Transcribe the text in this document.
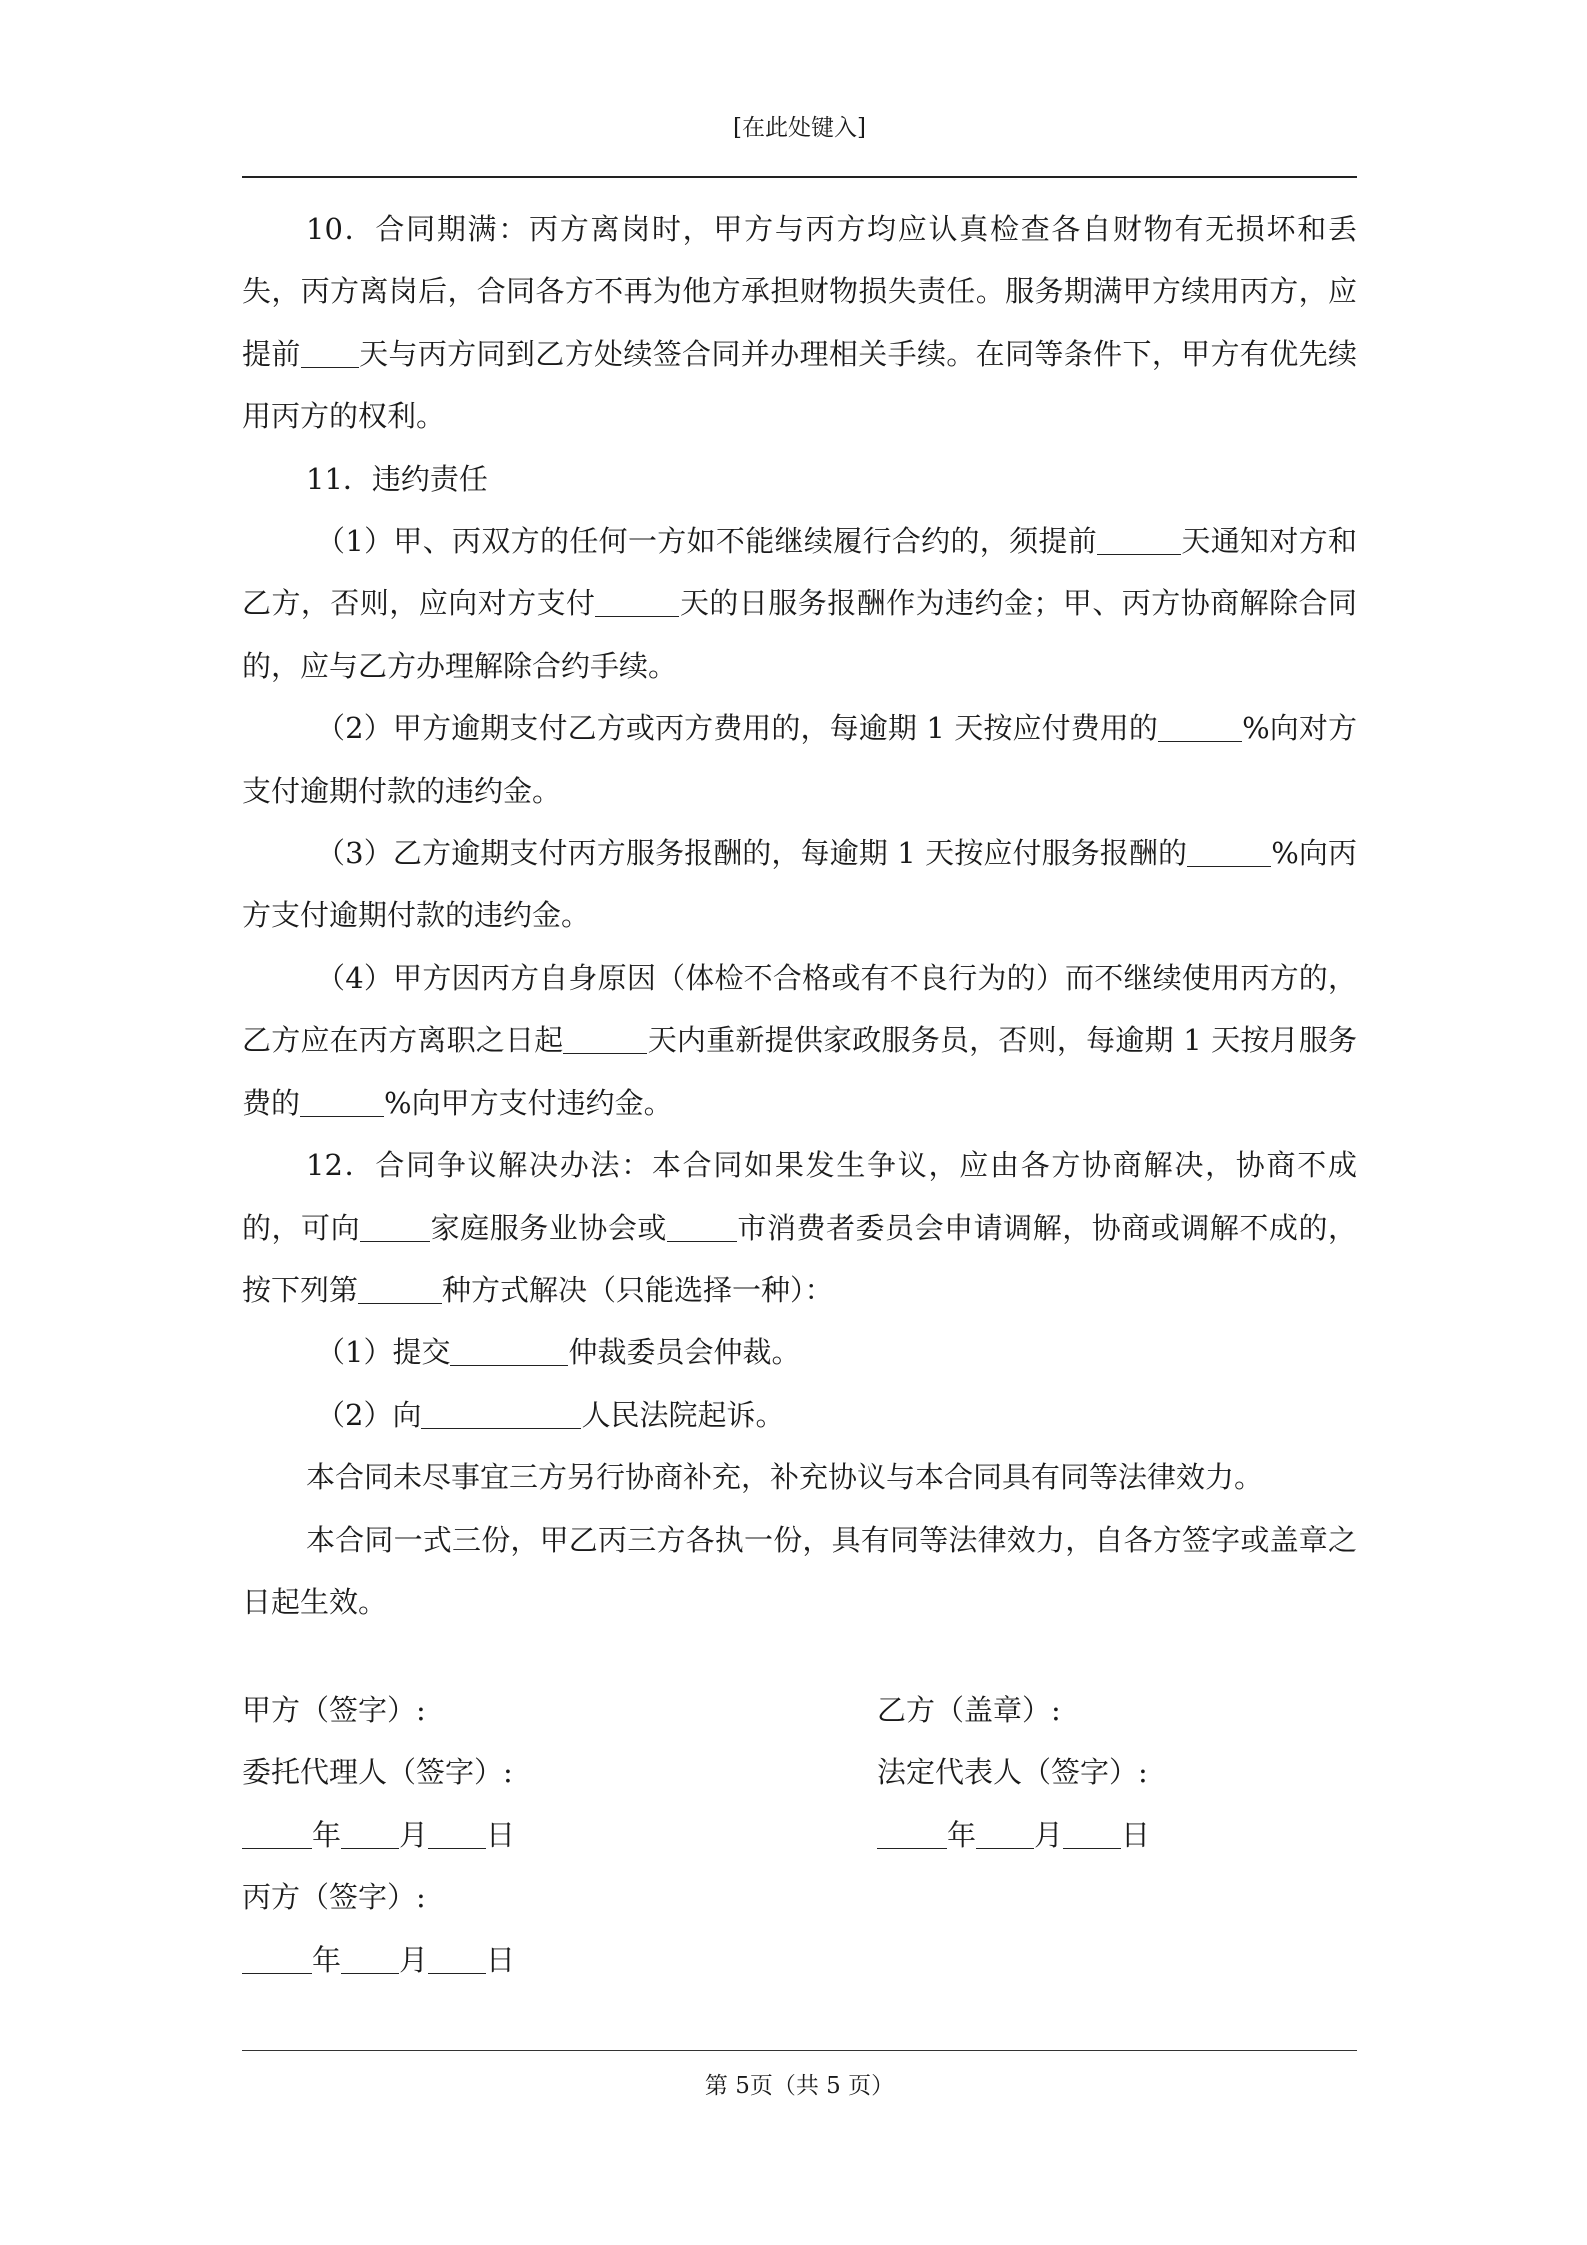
[在此处键入]

10．合同期满：丙方离岗时，甲方与丙方均应认真检查各自财物有无损坏和丢失，丙方离岗后，合同各方不再为他方承担财物损失责任。服务期满甲方续用丙方，应提前 天与丙方同到乙方处续签合同并办理相关手续。在同等条件下，甲方有优先续用丙方的权利。

11．违约责任

（1）甲、丙双方的任何一方如不能继续履行合约的，须提前	天通知对方和乙方，否则，应向对方支付	天的日服务报酬作为违约金；甲、丙方协商解除合同的，应与乙方办理解除合约手续。

（2）甲方逾期支付乙方或丙方费用的，每逾期 1 天按应付费用的	%向对方支付逾期付款的违约金。

（3）乙方逾期支付丙方服务报酬的，每逾期 1 天按应付服务报酬的	%向丙方支付逾期付款的违约金。

（4）甲方因丙方自身原因（体检不合格或有不良行为的）而不继续使用丙方的，乙方应在丙方离职之日起	天内重新提供家政服务员，否则，每逾期 1 天按月服务费的	%向甲方支付违约金。

12．合同争议解决办法：本合同如果发生争议，应由各方协商解决，协商不成的，可向 家庭服务业协会或 市消费者委员会申请调解，协商或调解不成的，按下列第	种方式解决（只能选择一种）：

（1）提交	仲裁委员会仲裁。

（2）向	人民法院起诉。

本合同未尽事宜三方另行协商补充，补充协议与本合同具有同等法律效力。

本合同一式三份，甲乙丙三方各执一份，具有同等法律效力，自各方签字或盖章之日起生效。

甲方（签字）:	乙方（盖章）:
委托代理人（签字）:	法定代表人（签字）:
年 月 日	年 月 日
丙方（签字）:
年 月 日
第 5页（共 5 页）
